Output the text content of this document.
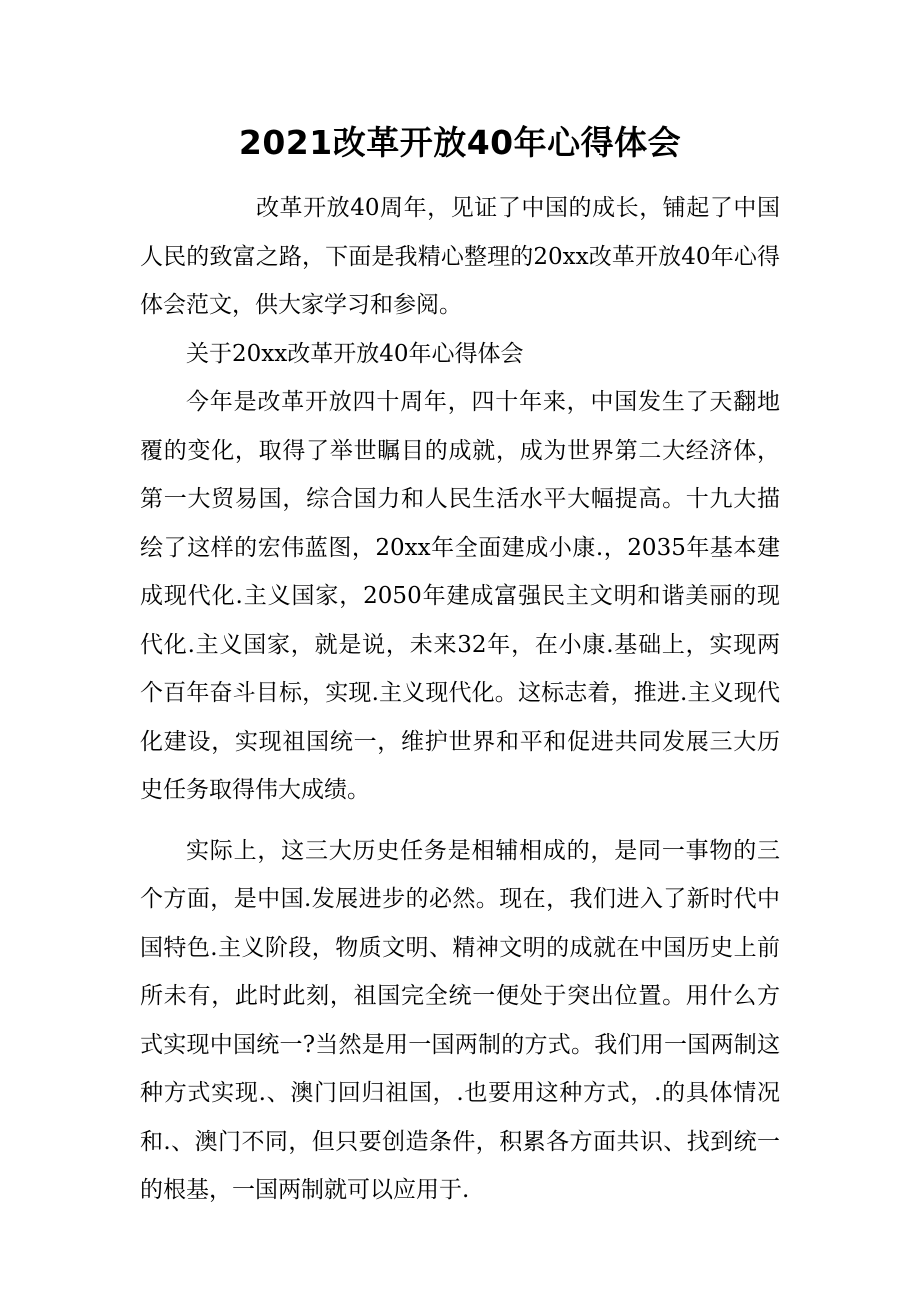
2021改革开放40年心得体会

改革开放40周年，见证了中国的成长，铺起了中国人民的致富之路，下面是我精心整理的20xx改革开放40年心得体会范文，供大家学习和参阅。

关于20xx改革开放40年心得体会

今年是改革开放四十周年，四十年来，中国发生了天翻地覆的变化，取得了举世瞩目的成就，成为世界第二大经济体，第一大贸易国，综合国力和人民生活水平大幅提高。十九大描绘了这样的宏伟蓝图，20xx年全面建成小康.，2035年基本建成现代化.主义国家，2050年建成富强民主文明和谐美丽的现代化.主义国家，就是说，未来32年，在小康.基础上，实现两个百年奋斗目标，实现.主义现代化。这标志着，推进.主义现代化建设，实现祖国统一，维护世界和平和促进共同发展三大历史任务取得伟大成绩。

实际上，这三大历史任务是相辅相成的，是同一事物的三个方面，是中国.发展进步的必然。现在，我们进入了新时代中国特色.主义阶段，物质文明、精神文明的成就在中国历史上前所未有，此时此刻，祖国完全统一便处于突出位置。用什么方式实现中国统一?当然是用一国两制的方式。我们用一国两制这种方式实现.、澳门回归祖国，.也要用这种方式，.的具体情况和.、澳门不同，但只要创造条件，积累各方面共识、找到统一的根基，一国两制就可以应用于.
